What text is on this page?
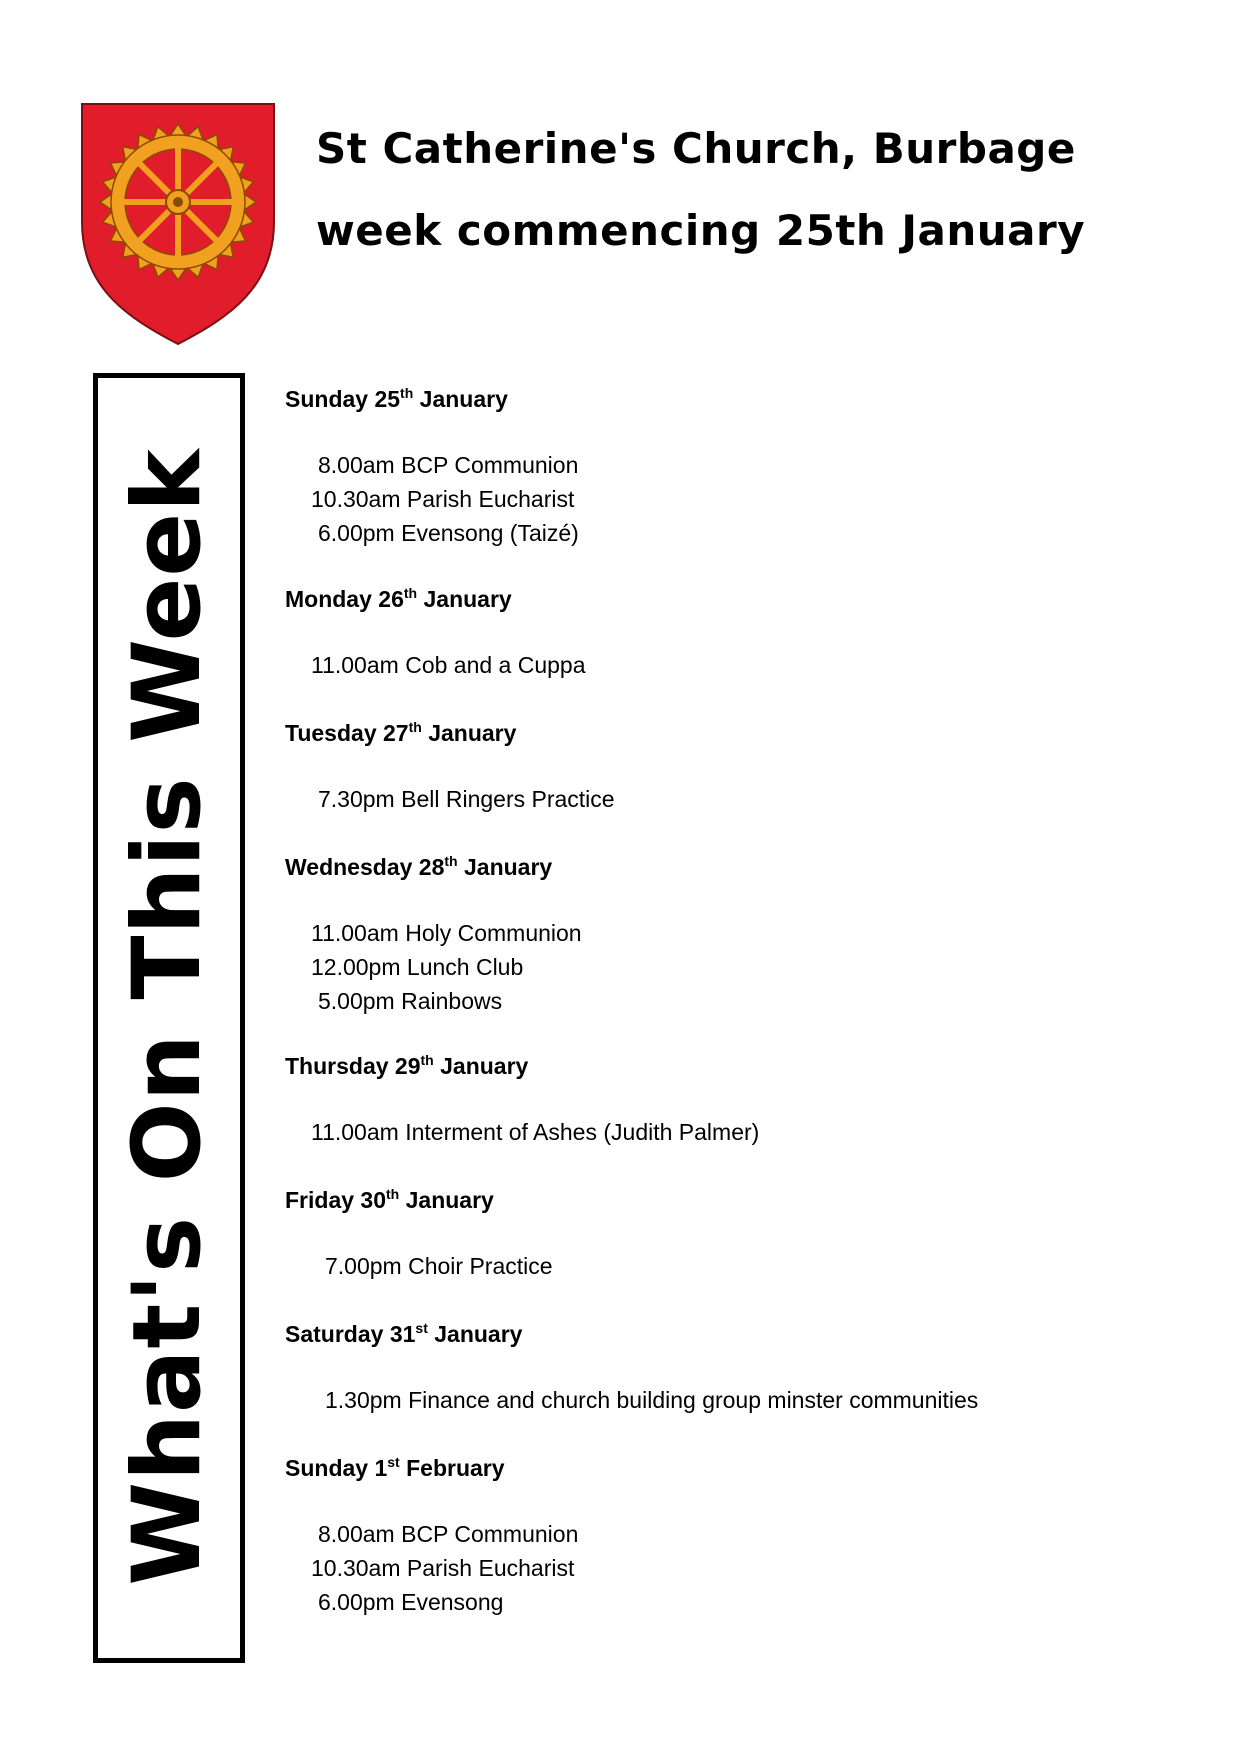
St Catherine's Church, Burbage
week commencing 25th January
What's On This Week
Sunday 25th January
8.00am BCP Communion
10.30am Parish Eucharist
6.00pm Evensong (Taizé)
Monday 26th January
11.00am Cob and a Cuppa
Tuesday 27th January
7.30pm Bell Ringers Practice
Wednesday 28th January
11.00am Holy Communion
12.00pm Lunch Club
5.00pm Rainbows
Thursday 29th January
11.00am Interment of Ashes (Judith Palmer)
Friday 30th January
7.00pm Choir Practice
Saturday 31st January
1.30pm Finance and church building group minster communities
Sunday 1st February
8.00am BCP Communion
10.30am Parish Eucharist
6.00pm Evensong
